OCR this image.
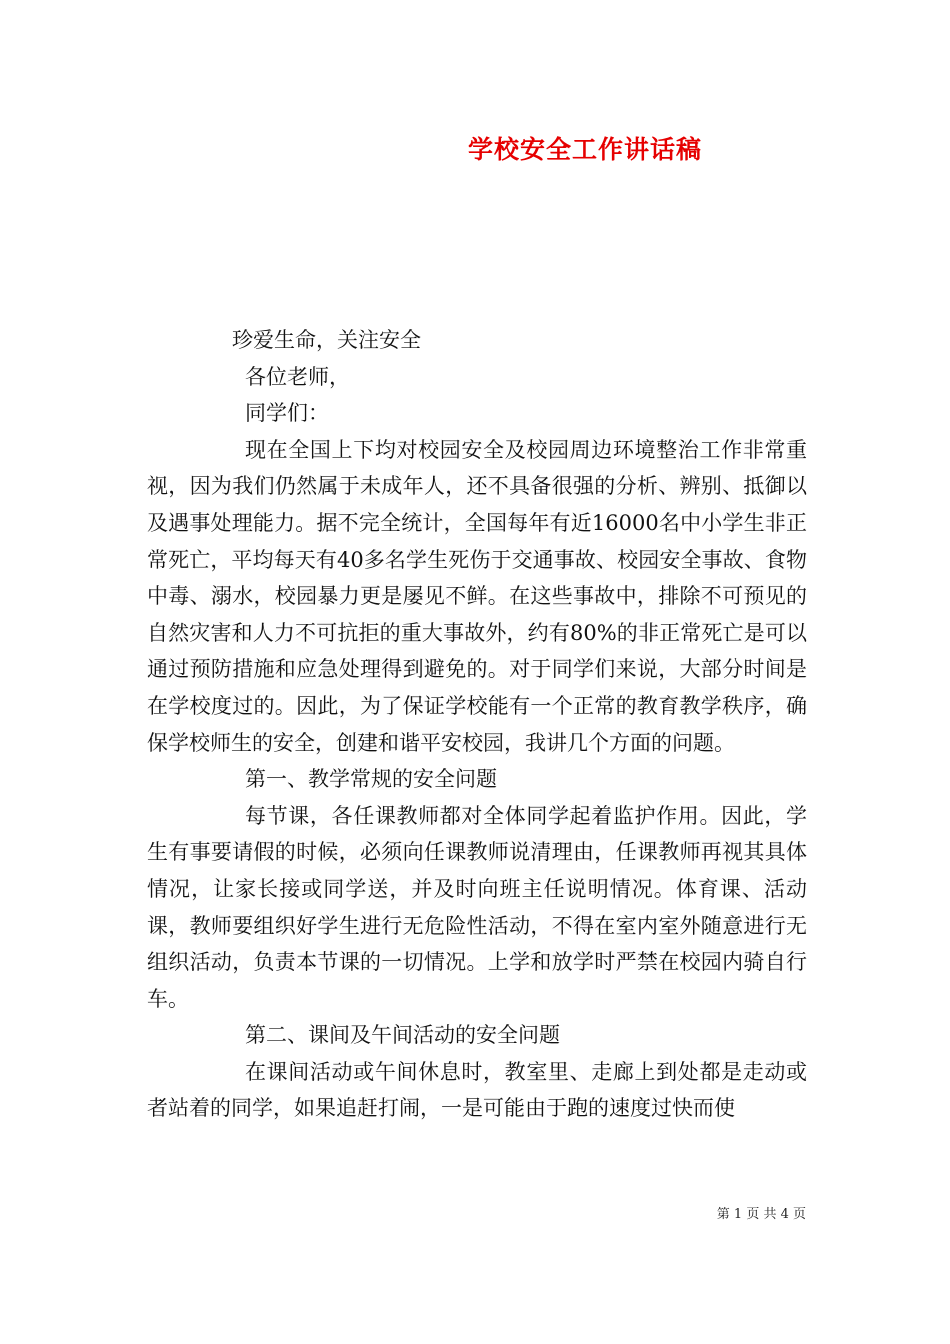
学校安全工作讲话稿

珍爱生命，关注安全

各位老师，

同学们：

现在全国上下均对校园安全及校园周边环境整治工作非常重视，因为我们仍然属于未成年人，还不具备很强的分析、辨别、抵御以及遇事处理能力。据不完全统计，全国每年有近16000名中小学生非正常死亡，平均每天有40多名学生死伤于交通事故、校园安全事故、食物中毒、溺水，校园暴力更是屡见不鲜。在这些事故中，排除不可预见的自然灾害和人力不可抗拒的重大事故外，约有80%的非正常死亡是可以通过预防措施和应急处理得到避免的。对于同学们来说，大部分时间是在学校度过的。因此，为了保证学校能有一个正常的教育教学秩序，确保学校师生的安全，创建和谐平安校园，我讲几个方面的问题。

第一、教学常规的安全问题

每节课，各任课教师都对全体同学起着监护作用。因此，学生有事要请假的时候，必须向任课教师说清理由，任课教师再视其具体情况，让家长接或同学送，并及时向班主任说明情况。体育课、活动课，教师要组织好学生进行无危险性活动，不得在室内室外随意进行无组织活动，负责本节课的一切情况。上学和放学时严禁在校园内骑自行车。

第二、课间及午间活动的安全问题

在课间活动或午间休息时，教室里、走廊上到处都是走动或者站着的同学，如果追赶打闹，一是可能由于跑的速度过快而使

第 1 页 共 4 页
